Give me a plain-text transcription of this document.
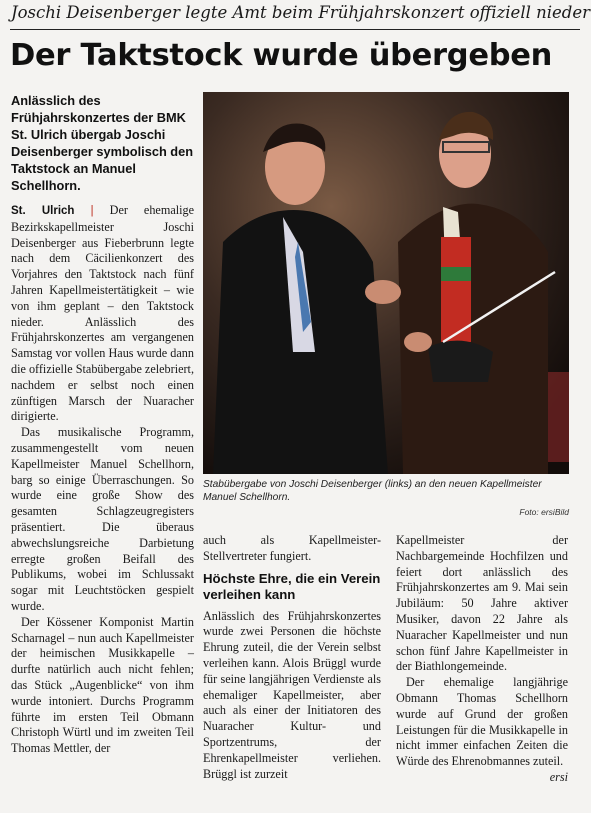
Joschi Deisenberger legte Amt beim Frühjahrskonzert offiziell nieder
Der Taktstock wurde übergeben
Anlässlich des Frühjahrskonzertes der BMK St. Ulrich übergab Joschi Deisenberger symbolisch den Taktstock an Manuel Schellhorn.
Stabübergabe von Joschi Deisenberger (links) an den neuen Kapellmeister Manuel Schellhorn.
Foto: ersiBild

St. Ulrich | Der ehemalige Bezirkskapellmeister Joschi Deisenberger aus Fieberbrunn legte nach dem Cäcilienkonzert des Vorjahres den Taktstock nach fünf Jahren Kapellmeistertätigkeit – wie von ihm geplant – den Taktstock nieder. Anlässlich des Frühjahrskonzertes am vergangenen Samstag vor vollen Haus wurde dann die offizielle Stabübergabe zelebriert, nachdem er selbst noch einen zünftigen Marsch der Nuaracher dirigierte.

Das musikalische Programm, zusammengestellt vom neuen Kapellmeister Manuel Schellhorn, barg so einige Überraschungen. So wurde eine große Show des gesamten Schlagzeugregisters präsentiert. Die überaus abwechslungsreiche Darbietung erregte großen Beifall des Publikums, wobei im Schlussakt sogar mit Leuchtstöcken gespielt wurde.

Der Kössener Komponist Martin Scharnagel – nun auch Kapellmeister der heimischen Musikkapelle – durfte natürlich auch nicht fehlen; das Stück „Augenblicke“ von ihm wurde intoniert. Durchs Programm führte im ersten Teil Obmann Christoph Würtl und im zweiten Teil Thomas Mettler, der

auch als Kapellmeister-Stellvertreter fungiert.

Höchste Ehre, die ein Verein verleihen kann

Anlässlich des Frühjahrskonzertes wurde zwei Personen die höchste Ehrung zuteil, die der Verein selbst verleihen kann. Alois Brüggl wurde für seine langjährigen Verdienste als ehemaliger Kapellmeister, aber auch als einer der Initiatoren des Nuaracher Kultur- und Sportzentrums, der Ehrenkapellmeister verliehen. Brüggl ist zurzeit

Kapellmeister der Nachbargemeinde Hochfilzen und feiert dort anlässlich des Frühjahrskonzertes am 9. Mai sein Jubiläum: 50 Jahre aktiver Musiker, davon 22 Jahre als Nuaracher Kapellmeister und nun schon fünf Jahre Kapellmeister in der Biathlongemeinde.

Der ehemalige langjährige Obmann Thomas Schellhorn wurde auf Grund der großen Leistungen für die Musikkapelle in nicht immer einfachen Zeiten die Würde des Ehrenobmannes zuteil.
ersi
